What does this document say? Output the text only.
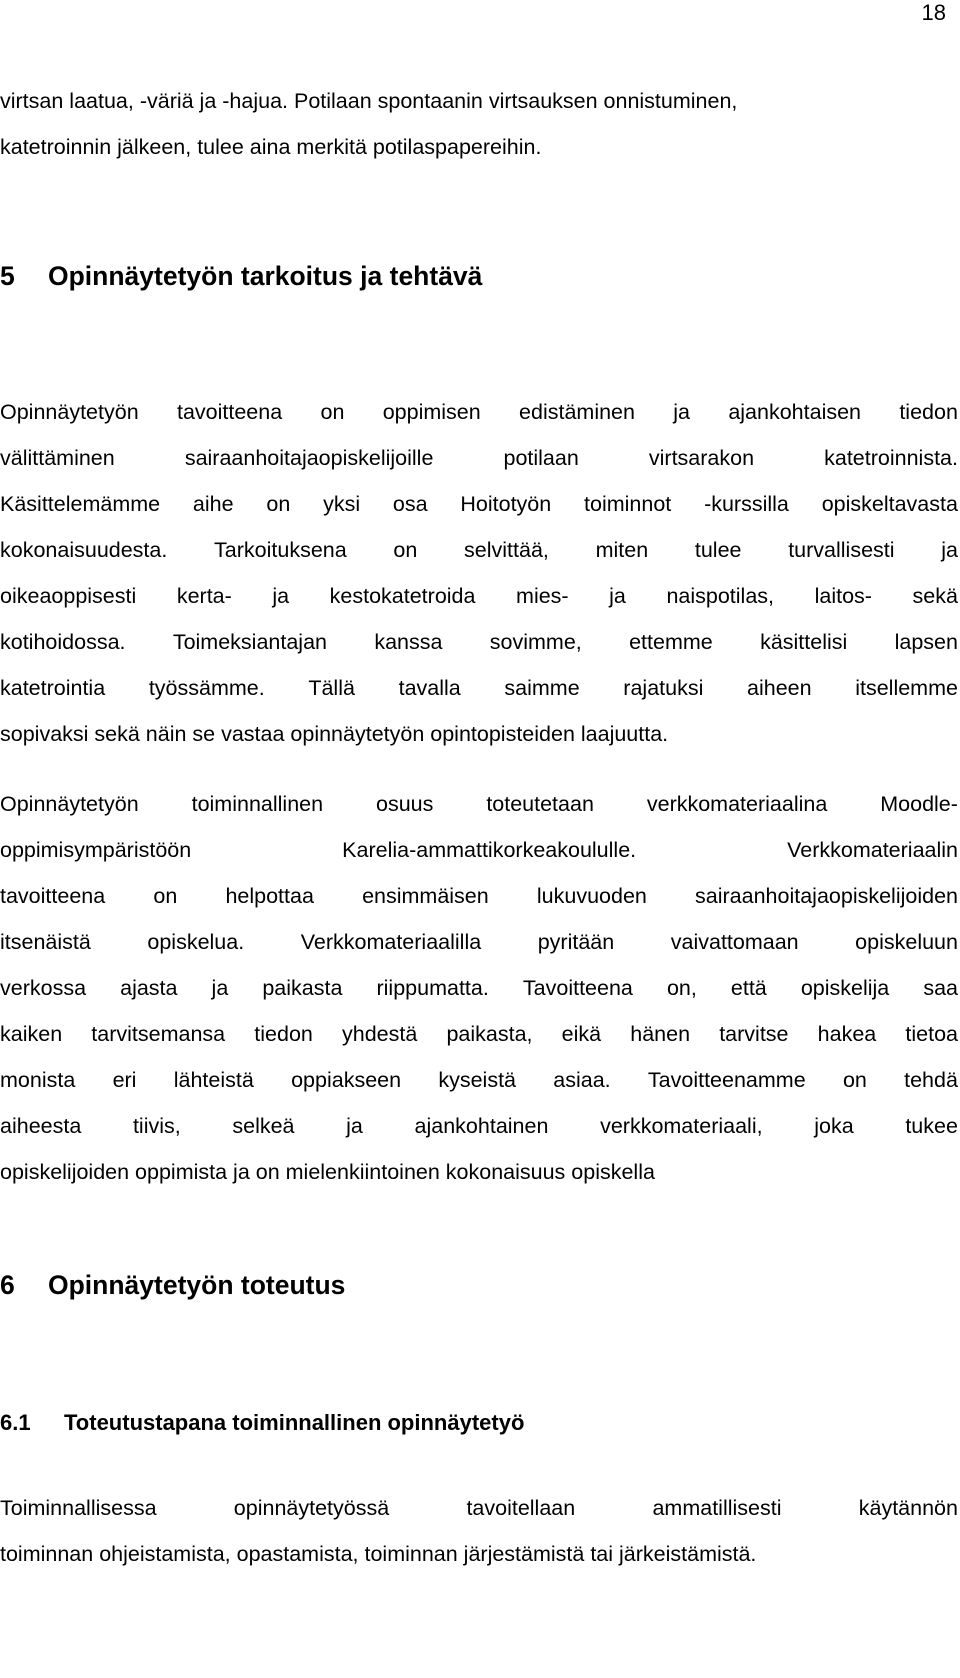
18

virtsan laatua, -väriä ja -hajua. Potilaan spontaanin virtsauksen onnistuminen,
katetroinnin jälkeen, tulee aina merkitä potilaspapereihin.

5	Opinnäytetyön tarkoitus ja tehtävä

Opinnäytetyön tavoitteena on oppimisen edistäminen ja ajankohtaisen tiedon
välittäminen	sairaanhoitajaopiskelijoille	potilaan	virtsarakon	katetroinnista.
Käsittelemämme aihe on yksi osa Hoitotyön toiminnot -kurssilla opiskeltavasta
kokonaisuudesta. Tarkoituksena on selvittää, miten tulee turvallisesti ja
oikeaoppisesti kerta- ja kestokatetroida mies- ja naispotilas, laitos- sekä
kotihoidossa. Toimeksiantajan kanssa sovimme, ettemme käsittelisi lapsen
katetrointia työssämme. Tällä tavalla saimme rajatuksi aiheen itsellemme
sopivaksi sekä näin se vastaa opinnäytetyön opintopisteiden laajuutta.

Opinnäytetyön toiminnallinen osuus toteutetaan verkkomateriaalina Moodle-
oppimisympäristöön	Karelia-ammattikorkeakoululle.	Verkkomateriaalin
tavoitteena on helpottaa ensimmäisen lukuvuoden sairaanhoitajaopiskelijoiden
itsenäistä	opiskelua.	Verkkomateriaalilla	pyritään	vaivattomaan	opiskeluun
verkossa ajasta ja paikasta riippumatta. Tavoitteena on, että opiskelija saa
kaiken tarvitsemansa tiedon yhdestä paikasta, eikä hänen tarvitse hakea tietoa
monista eri lähteistä oppiakseen kyseistä asiaa. Tavoitteenamme on tehdä
aiheesta tiivis, selkeä ja ajankohtainen verkkomateriaali, joka tukee
opiskelijoiden oppimista ja on mielenkiintoinen kokonaisuus opiskella

6	Opinnäytetyön toteutus
6.1	Toteutustapana toiminnallinen opinnäytetyö

Toiminnallisessa	opinnäytetyössä	tavoitellaan	ammatillisesti	käytännön
toiminnan ohjeistamista, opastamista, toiminnan järjestämistä tai järkeistämistä.
